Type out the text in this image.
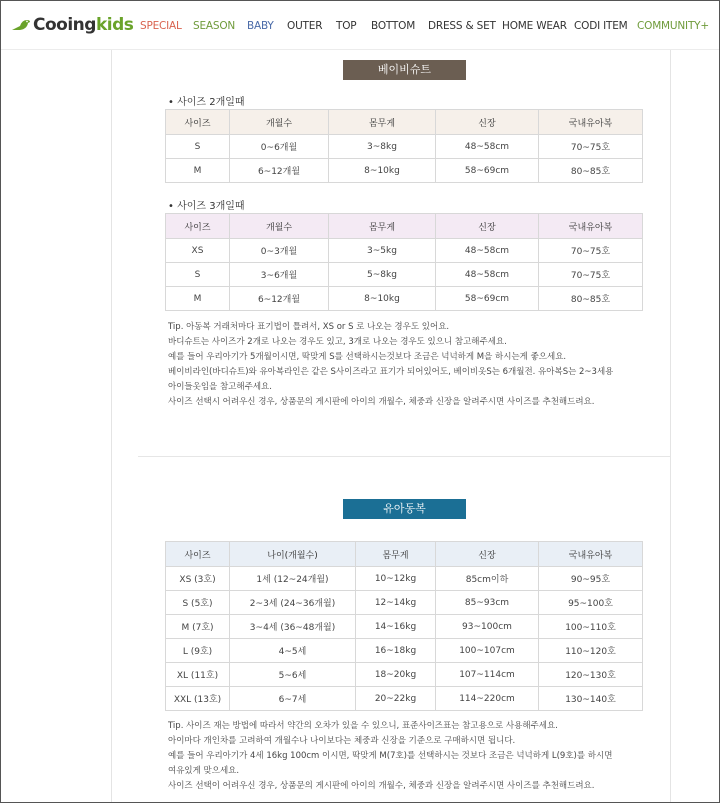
Cooing kids SPECIAL SEASON BABY OUTER TOP BOTTOM DRESS & SET HOME WEAR CODI ITEM COMMUNITY+
베이비슈트
• 사이즈 2개일때
사이즈	개월수	몸무게	신장	국내유아복
S	0~6개월	3~8kg	48~58cm	70~75호
M	6~12개월	8~10kg	58~69cm	80~85호
• 사이즈 3개일때
사이즈	개월수	몸무게	신장	국내유아복
XS	0~3개월	3~5kg	48~58cm	70~75호
S	3~6개월	5~8kg	48~58cm	70~75호
M	6~12개월	8~10kg	58~69cm	80~85호
Tip. 아동복 거래처마다 표기법이 틀려서, XS or S 로 나오는 경우도 있어요.
바디슈트는 사이즈가 2개로 나오는 경우도 있고, 3개로 나오는 경우도 있으니 참고해주세요.
예를 들어 우리아기가 5개월이시면, 딱맞게 S를 선택하시는것보다 조금은 넉넉하게 M을 하시는게 좋으세요.
베이비라인(바디슈트)와 유아복라인은 같은 S사이즈라고 표기가 되어있어도, 베이비옷S는 6개월전. 유아복S는 2~3세용
아이들옷임을 참고해주세요.
사이즈 선택시 어려우신 경우, 상품문의 게시판에 아이의 개월수, 체중과 신장을 알려주시면 사이즈를 추천해드려요.
유아동복
사이즈	나이(개월수)	몸무게	신장	국내유아복
XS (3호)	1세 (12~24개월)	10~12kg	85cm이하	90~95호
S (5호)	2~3세 (24~36개월)	12~14kg	85~93cm	95~100호
M (7호)	3~4세 (36~48개월)	14~16kg	93~100cm	100~110호
L (9호)	4~5세	16~18kg	100~107cm	110~120호
XL (11호)	5~6세	18~20kg	107~114cm	120~130호
XXL (13호)	6~7세	20~22kg	114~220cm	130~140호
Tip. 사이즈 재는 방법에 따라서 약간의 오차가 있을 수 있으니, 표준사이즈표는 참고용으로 사용해주세요.
아이마다 개인차를 고려하여 개월수나 나이보다는 체중과 신장을 기준으로 구매하시면 됩니다.
예를 들어 우리아기가 4세 16kg 100cm 이시면, 딱맞게 M(7호)를 선택하시는 것보다 조금은 넉넉하게 L(9호)를 하시면
여유있게 맞으세요.
사이즈 선택이 어려우신 경우, 상품문의 게시판에 아이의 개월수, 체중과 신장을 알려주시면 사이즈를 추천해드려요.
